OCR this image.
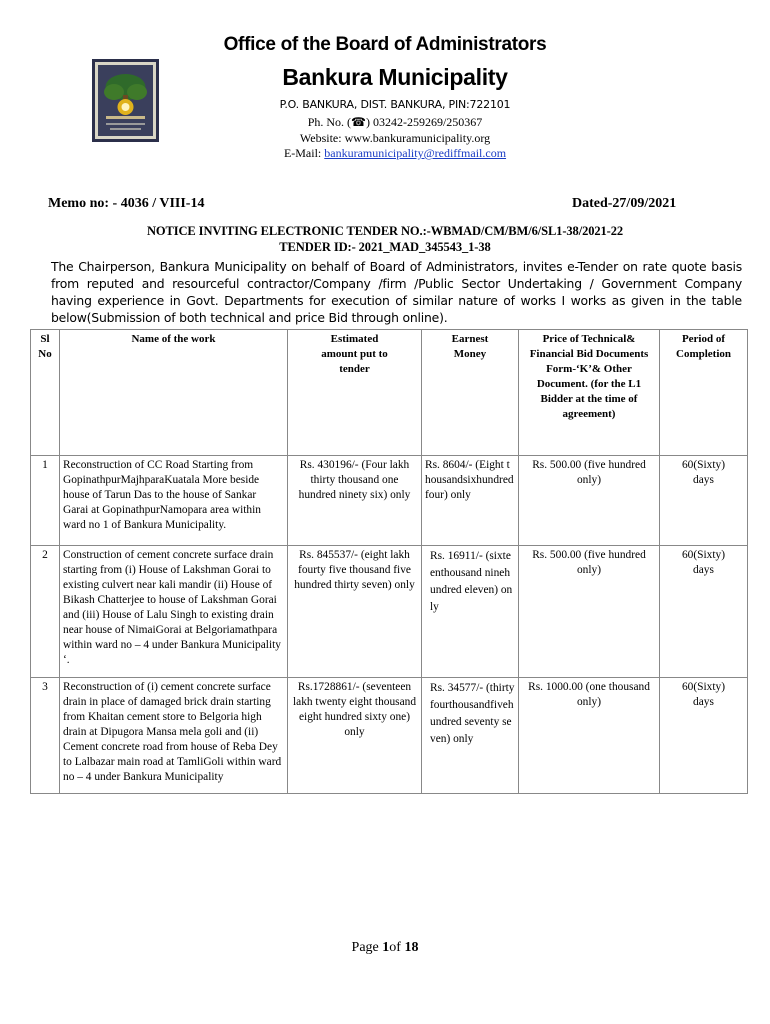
Office of the Board of Administrators
Bankura Municipality
P.O. BANKURA, DIST. BANKURA, PIN:722101
Ph. No. (☎) 03242-259269/250367
Website: www.bankuramunicipality.org
E-Mail: bankuramunicipality@rediffmail.com
Memo no: - 4036 / VIII-14	Dated-27/09/2021
NOTICE INVITING ELECTRONIC TENDER NO.:-WBMAD/CM/BM/6/SL1-38/2021-22
TENDER ID:- 2021_MAD_345543_1-38
The Chairperson, Bankura Municipality on behalf of Board of Administrators, invites e-Tender on rate quote basis from reputed and resourceful contractor/Company /firm /Public Sector Undertaking / Government Company having experience in Govt. Departments for execution of similar nature of works I works as given in the table below(Submission of both technical and price Bid through online).
Sl No	Name of the work	Estimated amount put to tender	Earnest Money	Price of Technical& Financial Bid Documents Form-‘K’& Other Document. (for the L1 Bidder at the time of agreement)	Period of Completion
1	Reconstruction of CC Road Starting from GopinathpurMajhparaKuatala More beside house of Tarun Das to the house of Sankar Garai at GopinathpurNamopara area within ward no 1 of Bankura Municipality.	Rs. 430196/- (Four lakh thirty thousand one hundred ninety six) only	Rs. 8604/- (Eight thousandsixhundred four) only	Rs. 500.00 (five hundred only)	60(Sixty) days
2	Construction of cement concrete surface drain starting from (i) House of Lakshman Gorai to existing culvert near kali mandir (ii) House of Bikash Chatterjee to house of Lakshman Gorai and (iii) House of Lalu Singh to existing drain near house of NimaiGorai at Belgoriamathpara within ward no – 4 under Bankura Municipality ‘.	Rs. 845537/- (eight lakh fourty five thousand five hundred thirty seven) only	Rs. 16911/- (sixteenthousand ninehundred eleven) only	Rs. 500.00 (five hundred only)	60(Sixty) days
3	Reconstruction of (i) cement concrete surface drain in place of damaged brick drain starting from Khaitan cement store to Belgoria high drain at Dipugora Mansa mela goli and (ii) Cement concrete road from house of Reba Dey to Lalbazar main road at TamliGoli within ward no – 4 under Bankura Municipality	Rs.1728861/- (seventeen lakh twenty eight thousand eight hundred sixty one) only	Rs. 34577/- (thirty fourthousandfivehundred seventy seven) only	Rs. 1000.00 (one thousand only)	60(Sixty) days
Page 1of 18
